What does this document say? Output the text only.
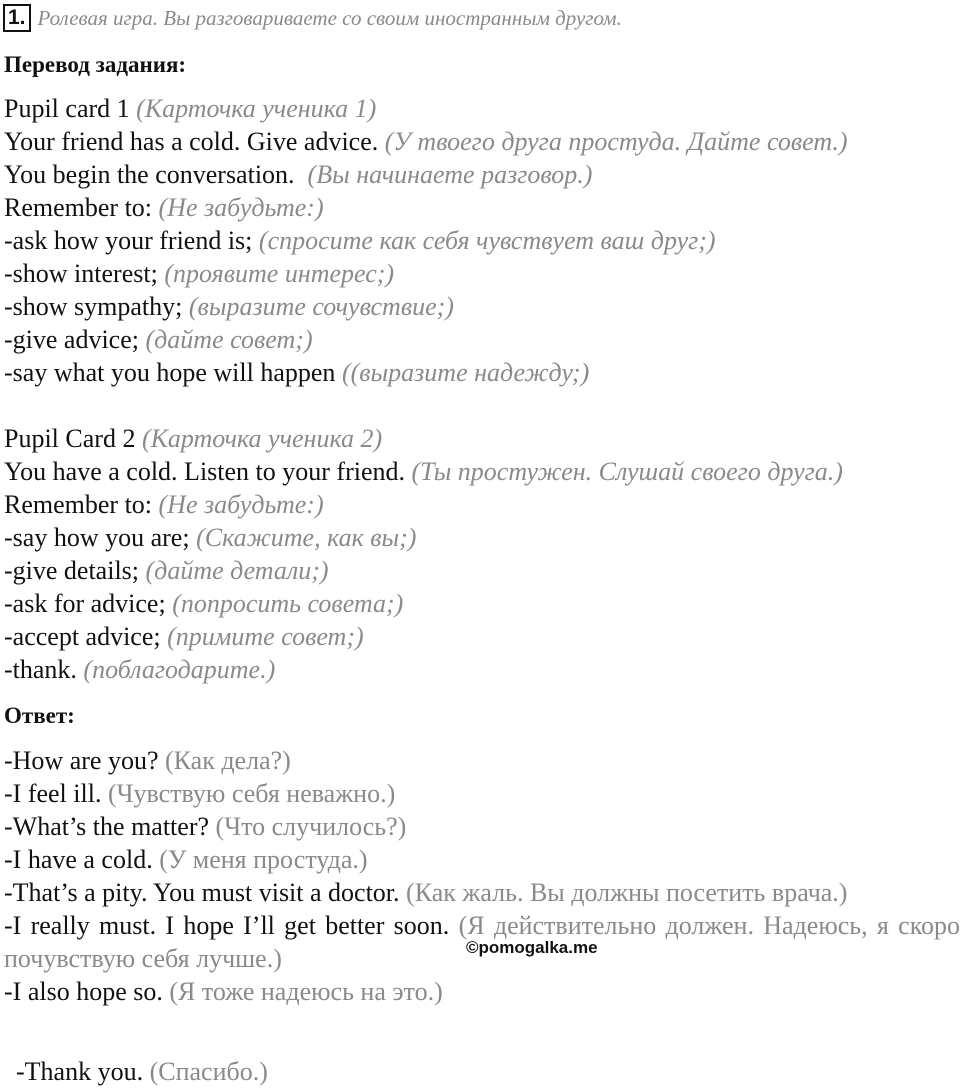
1. Ролевая игра. Вы разговариваете со своим иностранным другом.
Перевод задания:
Pupil card 1 (Карточка ученика 1)
Your friend has a cold. Give advice. (У твоего друга простуда. Дайте совет.)
You begin the conversation. (Вы начинаете разговор.)
Remember to: (Не забудьте:)
-ask how your friend is; (спросите как себя чувствует ваш друг;)
-show interest; (проявите интерес;)
-show sympathy; (выразите сочувствие;)
-give advice; (дайте совет;)
-say what you hope will happen ((выразите надежду;)
Pupil Card 2 (Карточка ученика 2)
You have a cold. Listen to your friend. (Ты простужен. Слушай своего друга.)
Remember to: (Не забудьте:)
-say how you are; (Скажите, как вы;)
-give details; (дайте детали;)
-ask for advice; (попросить совета;)
-accept advice; (примите совет;)
-thank. (поблагодарите.)
Ответ:
-How are you? (Как дела?)
-I feel ill. (Чувствую себя неважно.)
-What’s the matter? (Что случилось?)
-I have a cold. (У меня простуда.)
-That’s a pity. You must visit a doctor. (Как жаль. Вы должны посетить врача.)
-I really must. I hope I’ll get better soon. (Я действительно должен. Надеюсь, я скоро почувствую себя лучше.)
-I also hope so. (Я тоже надеюсь на это.)
-Thank you. (Спасибо.)
©pomogalka.me
